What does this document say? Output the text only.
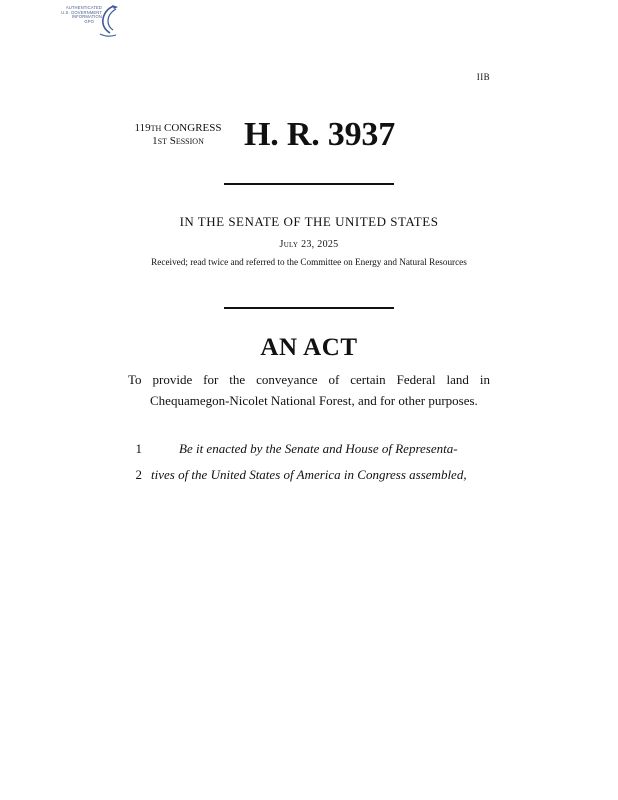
AUTHENTICATED
U.S. GOVERNMENT
INFORMATION
GPO
IIB
119th CONGRESS
1st Session	H. R. 3937
IN THE SENATE OF THE UNITED STATES
July 23, 2025
Received; read twice and referred to the Committee on Energy and Natural Resources
AN ACT
To provide for the conveyance of certain Federal land in Chequamegon-Nicolet National Forest, and for other purposes.
1	Be it enacted by the Senate and House of Representa-
2 tives of the United States of America in Congress assembled,
